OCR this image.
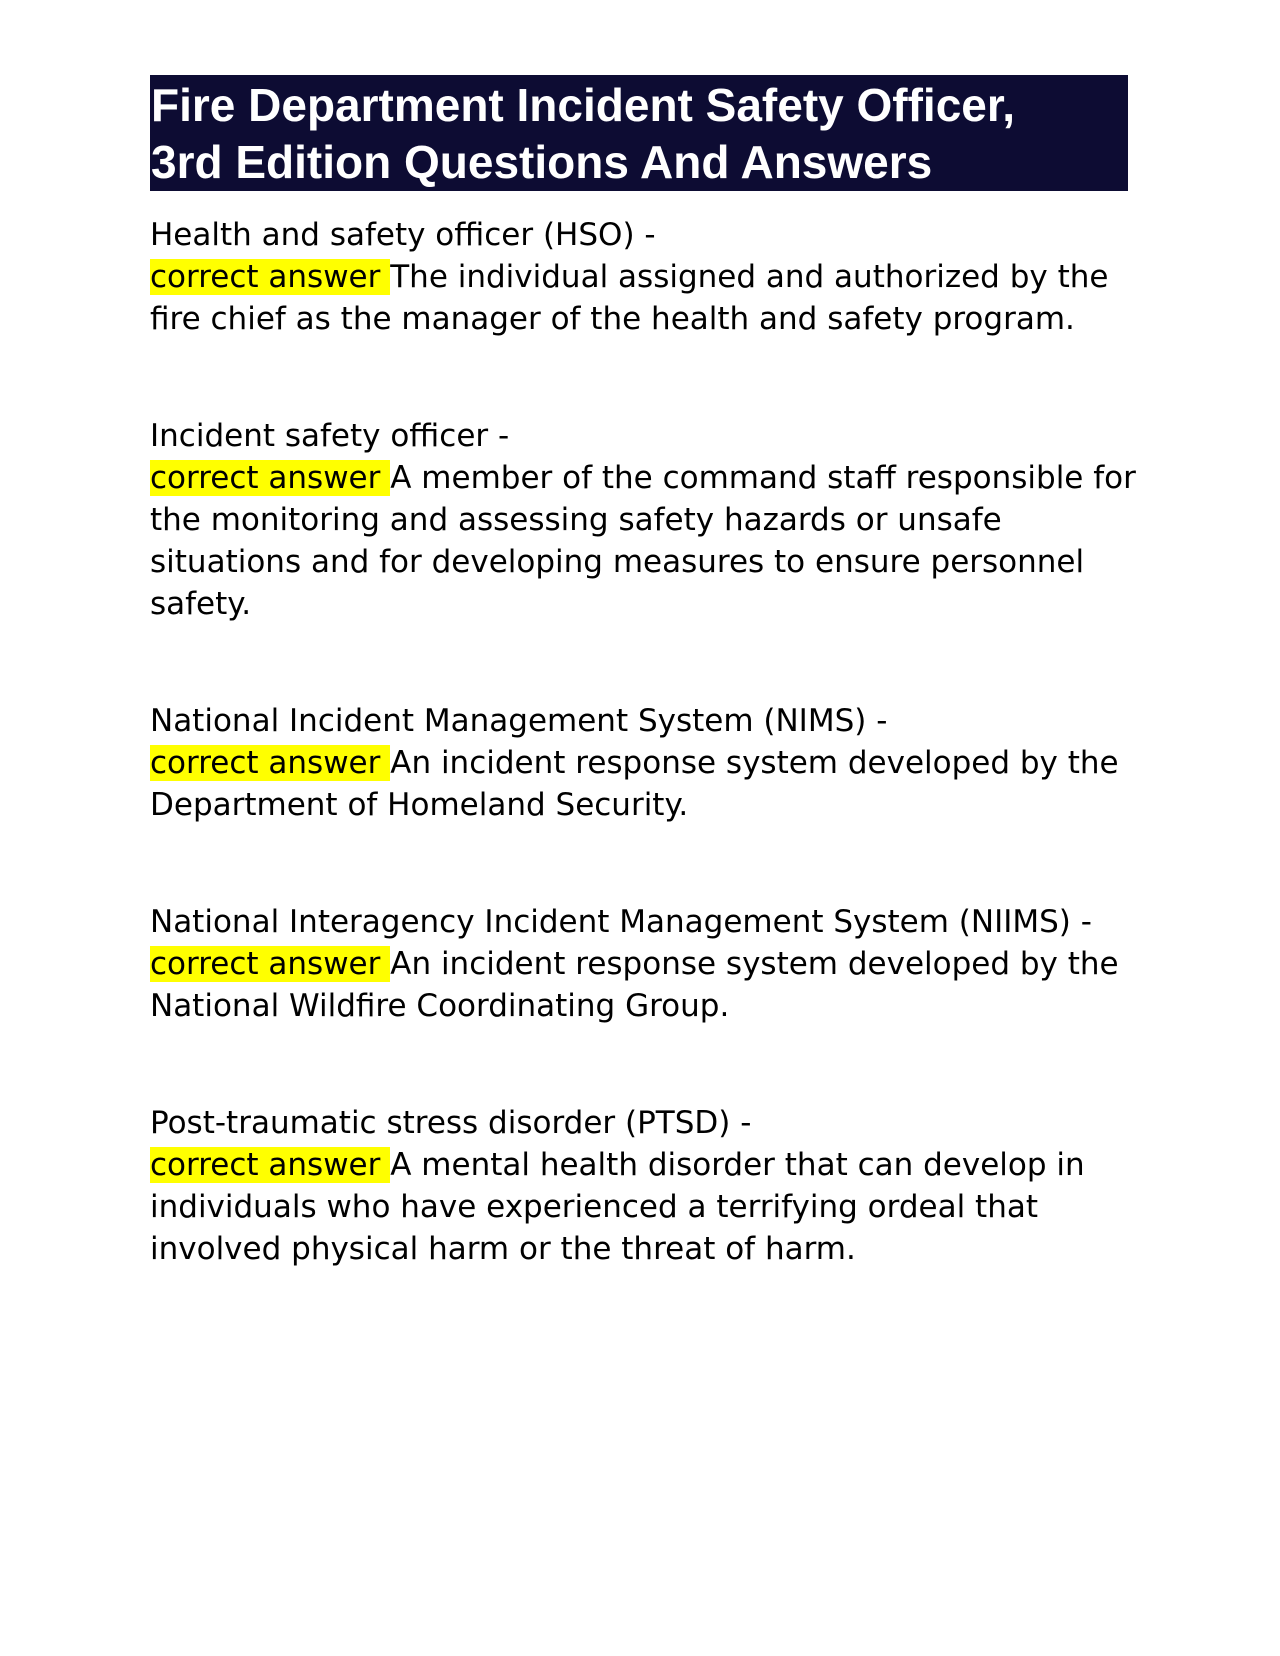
Fire Department Incident Safety Officer,
3rd Edition Questions And Answers

Health and safety officer (HSO) -
correct answer The individual assigned and authorized by the fire chief as the manager of the health and safety program.

Incident safety officer -
correct answer A member of the command staff responsible for the monitoring and assessing safety hazards or unsafe situations and for developing measures to ensure personnel safety.

National Incident Management System (NIMS) -
correct answer An incident response system developed by the Department of Homeland Security.

National Interagency Incident Management System (NIIMS) -
correct answer An incident response system developed by the National Wildfire Coordinating Group.

Post-traumatic stress disorder (PTSD) -
correct answer A mental health disorder that can develop in individuals who have experienced a terrifying ordeal that involved physical harm or the threat of harm.
